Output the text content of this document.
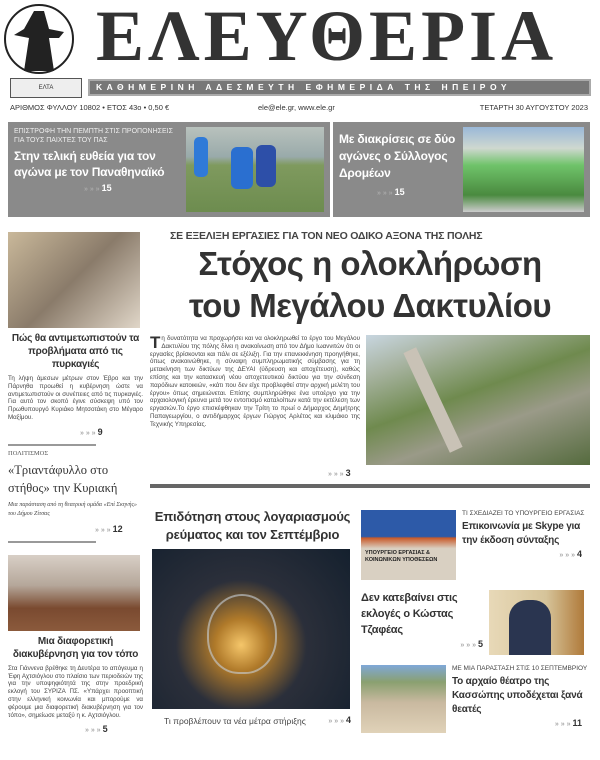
ΕΛΕΥΘΕΡΙΑ
ΕΛΤΑ	ΚΑΘΗΜΕΡΙΝΗ ΑΔΕΣΜΕΥΤΗ ΕΦΗΜΕΡΙΔΑ ΤΗΣ ΗΠΕΙΡΟΥ
ΑΡΙΘΜΟΣ ΦΥΛΛΟΥ 10802 • ΕΤΟΣ 43ο • 0,50 €	ele@ele.gr, www.ele.gr	ΤΕΤΑΡΤΗ 30 ΑΥΓΟΥΣΤΟΥ 2023
ΕΠΙΣΤΡΟΦΗ ΤΗΝ ΠΕΜΠΤΗ ΣΤΙΣ ΠΡΟΠΟΝΗΣΕΙΣ ΓΙΑ ΤΟΥΣ ΠΑΙΧΤΕΣ ΤΟΥ ΠΑΣ
Στην τελική ευθεία για τον αγώνα με τον Παναθηναϊκό
» » » 15
Με διακρίσεις σε δύο αγώνες ο Σύλλογος Δρομέων
» » » 15
Πώς θα αντιμετωπιστούν τα προβλήματα από τις πυρκαγιές
Τη λήψη άμεσων μέτρων στον Έβρο και την Πάρνηθα προωθεί η κυβέρνηση ώστε να αντιμετωπιστούν οι συνέπειες από τις πυρκαγιές. Για αυτό τον σκοπό έγινε σύσκεψη υπό τον Πρωθυπουργό Κυριάκο Μητσοτάκη στο Μέγαρο Μαξίμου.
» » » 9
ΠΟΛΙΤΙΣΜΟΣ
«Τριαντάφυλλο στο στήθος» την Κυριακή
Μια παράσταση από τη θεατρική ομάδα «Επί Σκηνής» του Δήμου Ζίτσας
» » » 12
Μια διαφορετική διακυβέρνηση για τον τόπο
Στα Γιάννενα βρέθηκε τη Δευτέρα το απόγευμα η Έφη Αχτσιόγλου στο πλαίσιο των περιοδειών της για την υποψηφιότητά της στην προεδρική εκλογή του ΣΥΡΙΖΑ ΠΣ. «Υπάρχει προοπτική στην ελληνική κοινωνία και μπορούμε να φέρουμε μια διαφορετική διακυβέρνηση για τον τόπο», σημείωσε μεταξύ η κ. Αχτσιόγλου.
» » » 5
ΣΕ ΕΞΕΛΙΞΗ ΕΡΓΑΣΙΕΣ ΓΙΑ ΤΟΝ ΝΕΟ ΟΔΙΚΟ ΑΞΟΝΑ ΤΗΣ ΠΟΛΗΣ
Στόχος η ολοκλήρωση
του Μεγάλου Δακτυλίου
Τη δυνατότητα να προχωρήσει και να ολοκληρωθεί το έργο του Μεγάλου Δακτυλίου της πόλης δίνει η ανακοίνωση από τον Δήμο Ιωαννιτών ότι οι εργασίες βρίσκονται και πάλι σε εξέλιξη. Για την επανεκκίνηση προηγήθηκε, όπως ανακοινώθηκε, η σύναψη συμπληρωματικής σύμβασης για τη μετακίνηση των δικτύων της ΔΕΥΑΙ (ύδρευση και αποχέτευση), καθώς επίσης και την κατασκευή νέου αποχετευτικού δικτύου για την σύνδεση παρόδιων κατοικιών, «κάτι που δεν είχε προβλεφθεί στην αρχική μελέτη του έργου» όπως σημειώνεται. Επίσης συμπληρώθηκε ένα υποέργο για την αρχαιολογική έρευνα μετά τον εντοπισμό καταλοίπων κατά την εκτέλεση των εργασιών.Το έργο επισκέφθηκαν την Τρίτη το πρωί ο Δήμαρχος Δημήτρης Παπαγεωργίου, ο αντιδήμαρχος έργων Γιώργος Αρλέτος και κλιμάκιο της Τεχνικής Υπηρεσίας.
» » » 3
Επιδότηση στους λογαριασμούς ρεύματος και τον Σεπτέμβριο
Τι προβλέπουν τα νέα μέτρα στήριξης	» » » 4
ΥΠΟΥΡΓΕΙΟ ΕΡΓΑΣΙΑΣ & ΚΟΙΝΩΝΙΚΩΝ ΥΠΟΘΕΣΕΩΝ
ΤΙ ΣΧΕΔΙΑΖΕΙ ΤΟ ΥΠΟΥΡΓΕΙΟ ΕΡΓΑΣΙΑΣ
Επικοινωνία με Skype για την έκδοση σύνταξης
» » » 4
Δεν κατεβαίνει στις εκλογές ο Κώστας Τζαφέας
» » » 5
ΜΕ ΜΙΑ ΠΑΡΑΣΤΑΣΗ ΣΤΙΣ 10 ΣΕΠΤΕΜΒΡΙΟΥ
Το αρχαίο θέατρο της Κασσώπης υποδέχεται ξανά θεατές
» » » 11
